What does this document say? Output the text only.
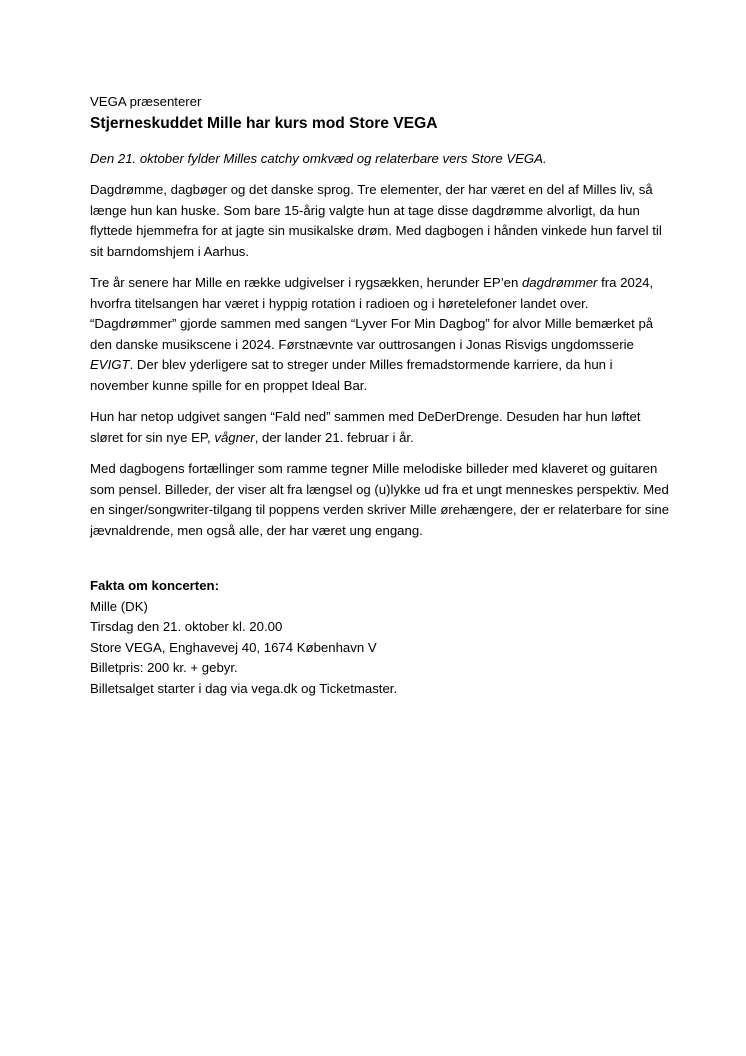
VEGA præsenterer

Stjerneskuddet Mille har kurs mod Store VEGA

Den 21. oktober fylder Milles catchy omkvæd og relaterbare vers Store VEGA.

Dagdrømme, dagbøger og det danske sprog. Tre elementer, der har været en del af Milles liv, så længe hun kan huske. Som bare 15-årig valgte hun at tage disse dagdrømme alvorligt, da hun flyttede hjemmefra for at jagte sin musikalske drøm. Med dagbogen i hånden vinkede hun farvel til sit barndomshjem i Aarhus.

Tre år senere har Mille en række udgivelser i rygsækken, herunder EP’en dagdrømmer fra 2024, hvorfra titelsangen har været i hyppig rotation i radioen og i høretelefoner landet over. “Dagdrømmer” gjorde sammen med sangen “Lyver For Min Dagbog” for alvor Mille bemærket på den danske musikscene i 2024. Førstnævnte var outtrosangen i Jonas Risvigs ungdomsserie EVIGT. Der blev yderligere sat to streger under Milles fremadstormende karriere, da hun i november kunne spille for en proppet Ideal Bar.

Hun har netop udgivet sangen “Fald ned” sammen med DeDerDrenge. Desuden har hun løftet sløret for sin nye EP, vågner, der lander 21. februar i år.

Med dagbogens fortællinger som ramme tegner Mille melodiske billeder med klaveret og guitaren som pensel. Billeder, der viser alt fra længsel og (u)lykke ud fra et ungt menneskes perspektiv. Med en singer/songwriter-tilgang til poppens verden skriver Mille ørehængere, der er relaterbare for sine jævnaldrende, men også alle, der har været ung engang.

Fakta om koncerten:

Mille (DK)

Tirsdag den 21. oktober kl. 20.00

Store VEGA, Enghavevej 40, 1674 København V

Billetpris: 200 kr. + gebyr.

Billetsalget starter i dag via vega.dk og Ticketmaster.
